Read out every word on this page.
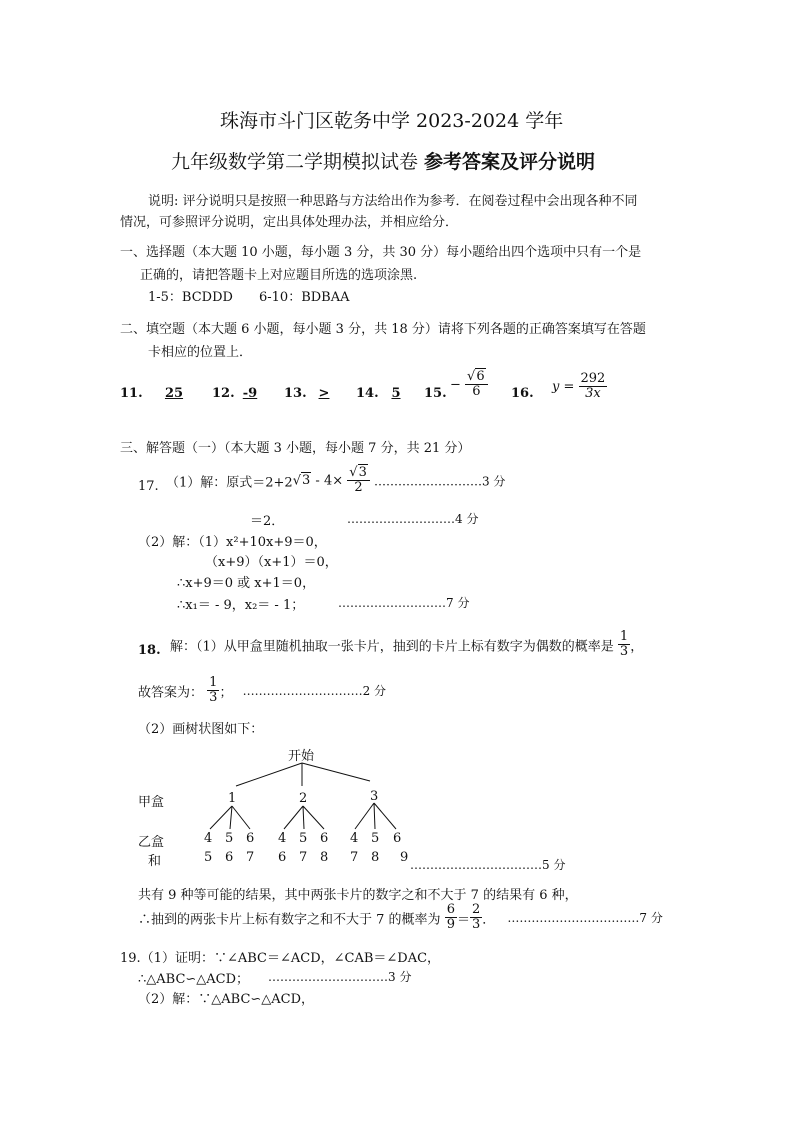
珠海市斗门区乾务中学 2023-2024 学年
九年级数学第二学期模拟试卷 参考答案及评分说明
说明: 评分说明只是按照一种思路与方法给出作为参考．在阅卷过程中会出现各种不同
情况，可参照评分说明，定出具体处理办法，并相应给分．
一、选择题（本大题 10 小题，每小题 3 分，共 30 分）每小题给出四个选项中只有一个是
正确的，请把答题卡上对应题目所选的选项涂黑.
1-5：BCDDD 6-10：BDBAA
二、填空题（本大题 6 小题，每小题 3 分，共 18 分）请将下列各题的正确答案填写在答题
卡相应的位置上．
11.	25	12. -9	13. >	14. 5	15.
− $\frac{√6}{6} 16$. $y = \frac{292}{3x}$
三、解答题（一）（本大题 3 小题，每小题 7 分，共 21 分）
17. （1）解：原式$=2+2√3 - 4\times \frac{√3}{2}$ ………………………3 分
＝2．	………………………4 分
（2）解：（1）x²+10x+9＝0，
（x+9）（x+1）＝0，
∴x+9＝0 或 x+1＝0，
∴x₁＝ - 9，x₂＝ - 1；	………………………7 分
18. 解：（1）从甲盒里随机抽取一张卡片，抽到的卡片上标有数字为偶数的概率是 $\frac{1}{3}$ ，
故答案为： $\frac{1}{3}$ ； …………………………2 分
（2）画树状图如下：
开始
甲盒	1	2	3
乙盒	4 5 6 4 5 6 4 5 6
和	5 6 7 6 7 8 7 8 9 ……………………………5 分
共有 9 种等可能的结果，其中两张卡片的数字之和不大于 7 的结果有 6 种，
∴抽到的两张卡片上标有数字之和不大于 7 的概率为 $\frac{6}{9} = \frac{2}{3}$ ． ……………………………7 分
19.（1）证明：∵∠ABC＝∠ACD，∠CAB＝∠DAC，
∴△ABC∽△ACD； …………………………3 分
（2）解：∵△ABC∽△ACD，
